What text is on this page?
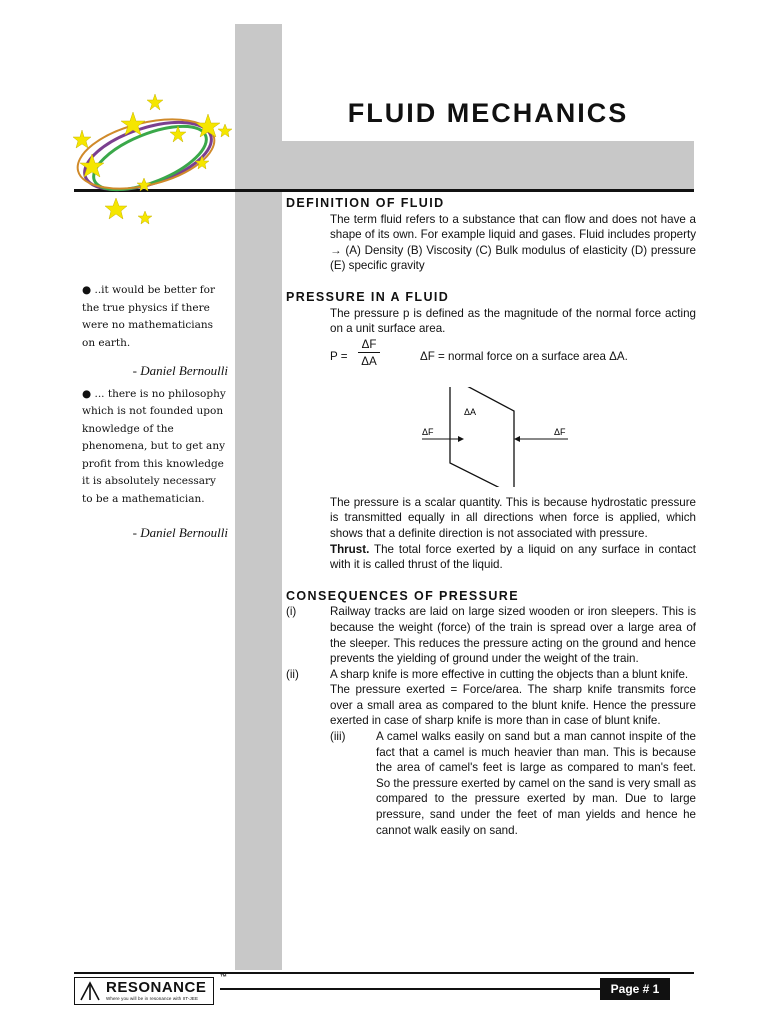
FLUID MECHANICS

● ..it would be better for the true physics if there were no mathematicians on earth.

- Daniel Bernoulli

● ... there is no philosophy which is not founded upon knowledge of the phenomena, but to get any profit from this knowledge it is absolutely necessary to be a mathematician.

- Daniel Bernoulli

DEFINITION OF FLUID

The term fluid refers to a substance that can flow and does not have a shape of its own. For example liquid and gases. Fluid includes property → (A) Density (B) Viscosity (C) Bulk modulus of elasticity (D) pressure (E) specific gravity

PRESSURE IN A FLUID

The pressure p is defined as the magnitude of the normal force acting on a unit surface area.

$P = \frac{\Delta F}{\Delta A}$	ΔF = normal force on a surface area ΔA.
ΔA
ΔF	ΔF

The pressure is a scalar quantity. This is because hydrostatic pressure is transmitted equally in all directions when force is applied, which shows that a definite direction is not associated with pressure.

Thrust. The total force exerted by a liquid on any surface in contact with it is called thrust of the liquid.

CONSEQUENCES OF PRESSURE

(i)	Railway tracks are laid on large sized wooden or iron sleepers. This is because the weight (force) of the train is spread over a large area of the sleeper. This reduces the pressure acting on the ground and hence prevents the yielding of ground under the weight of the train.
(ii)	A sharp knife is more effective in cutting the objects than a blunt knife.
The pressure exerted = Force/area. The sharp knife transmits force over a small area as compared to the blunt knife. Hence the pressure exerted in case of sharp knife is more than in case of blunt knife.
(iii)	A camel walks easily on sand but a man cannot inspite of the fact that a camel is much heavier than man. This is because the area of camel's feet is large as compared to man's feet. So the pressure exerted by camel on the sand is very small as compared to the pressure exerted by man. Due to large pressure, sand under the feet of man yields and hence he cannot walk easily on sand.
RESONANCE
Where you will be in resonance with IIT-JEE
™
Page # 1
